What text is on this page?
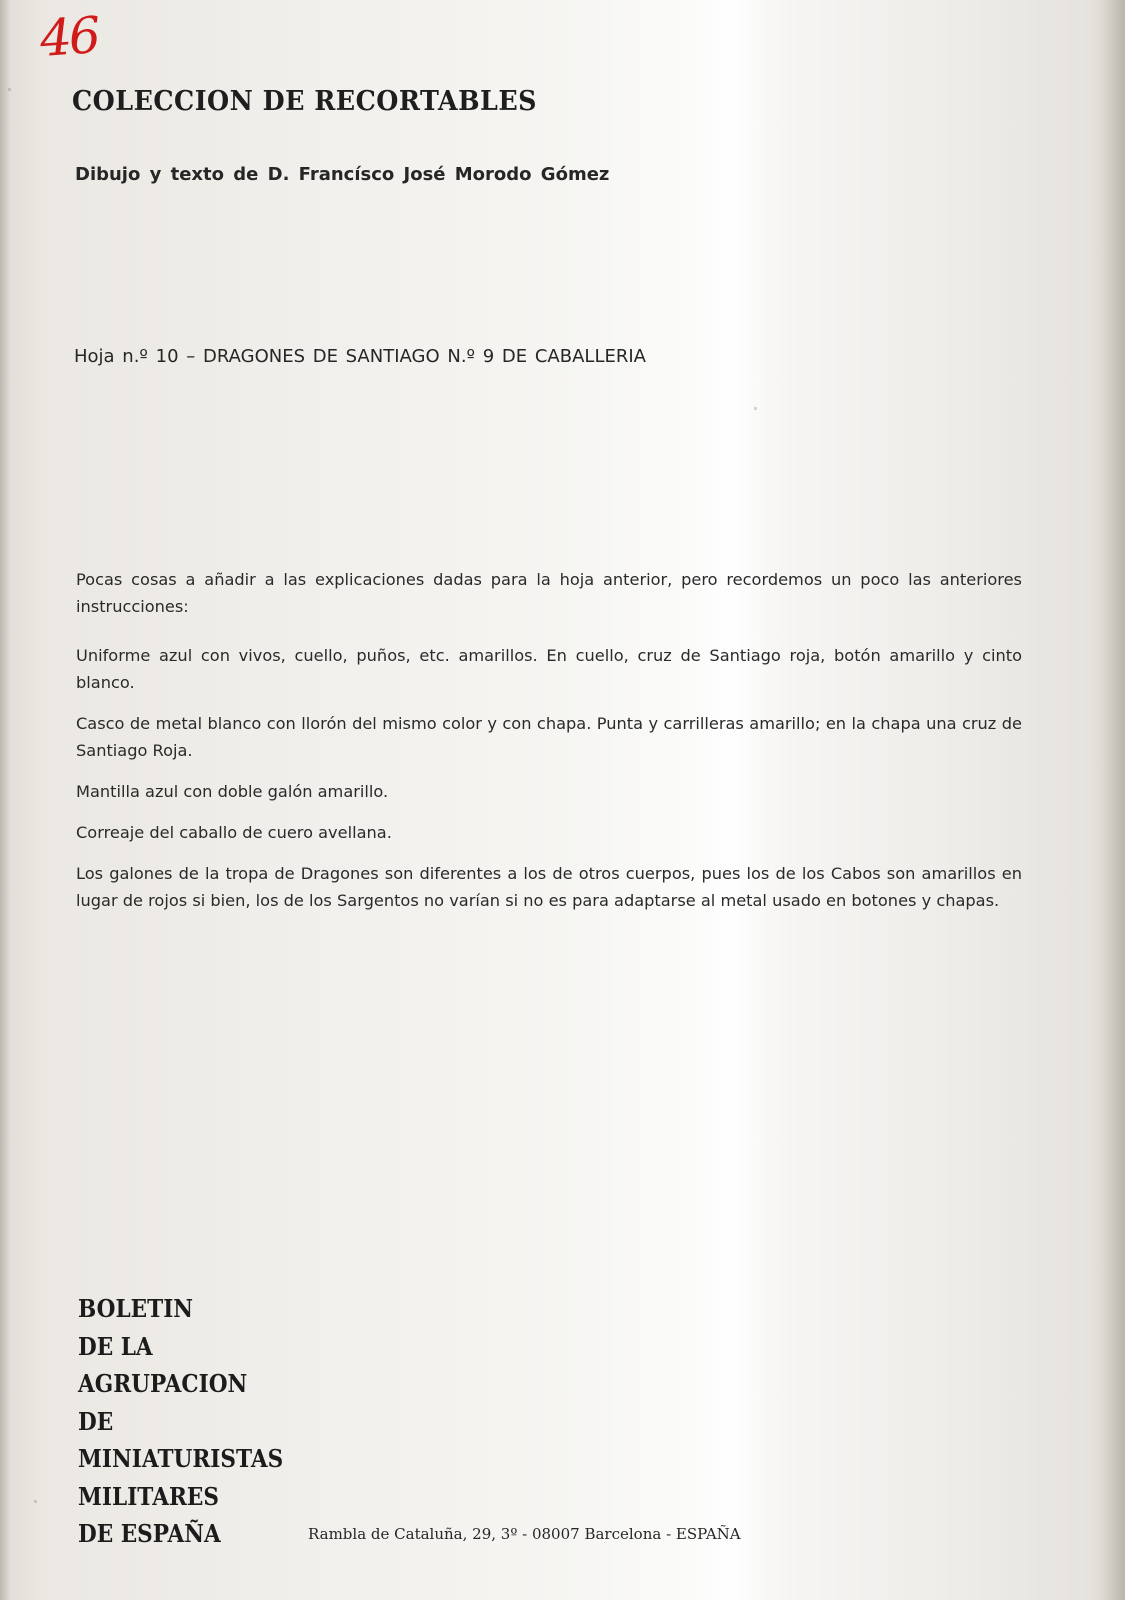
46
COLECCION DE RECORTABLES
Dibujo y texto de D. Francísco José Morodo Gómez
Hoja n.º 10 – DRAGONES DE SANTIAGO N.º 9 DE CABALLERIA

Pocas cosas a añadir a las explicaciones dadas para la hoja anterior, pero recordemos un poco las anteriores instrucciones:

Uniforme azul con vivos, cuello, puños, etc. amarillos. En cuello, cruz de Santiago roja, botón amarillo y cinto blanco.

Casco de metal blanco con llorón del mismo color y con chapa. Punta y carrilleras amarillo; en la chapa una cruz de Santiago Roja.

Mantilla azul con doble galón amarillo.

Correaje del caballo de cuero avellana.

Los galones de la tropa de Dragones son diferentes a los de otros cuerpos, pues los de los Cabos son amarillos en lugar de rojos si bien, los de los Sargentos no varían si no es para adaptarse al metal usado en botones y chapas.

BOLETIN
DE LA
AGRUPACION
DE
MINIATURISTAS
MILITARES
DE ESPAÑA	Rambla de Cataluña, 29, 3º - 08007 Barcelona - ESPAÑA
